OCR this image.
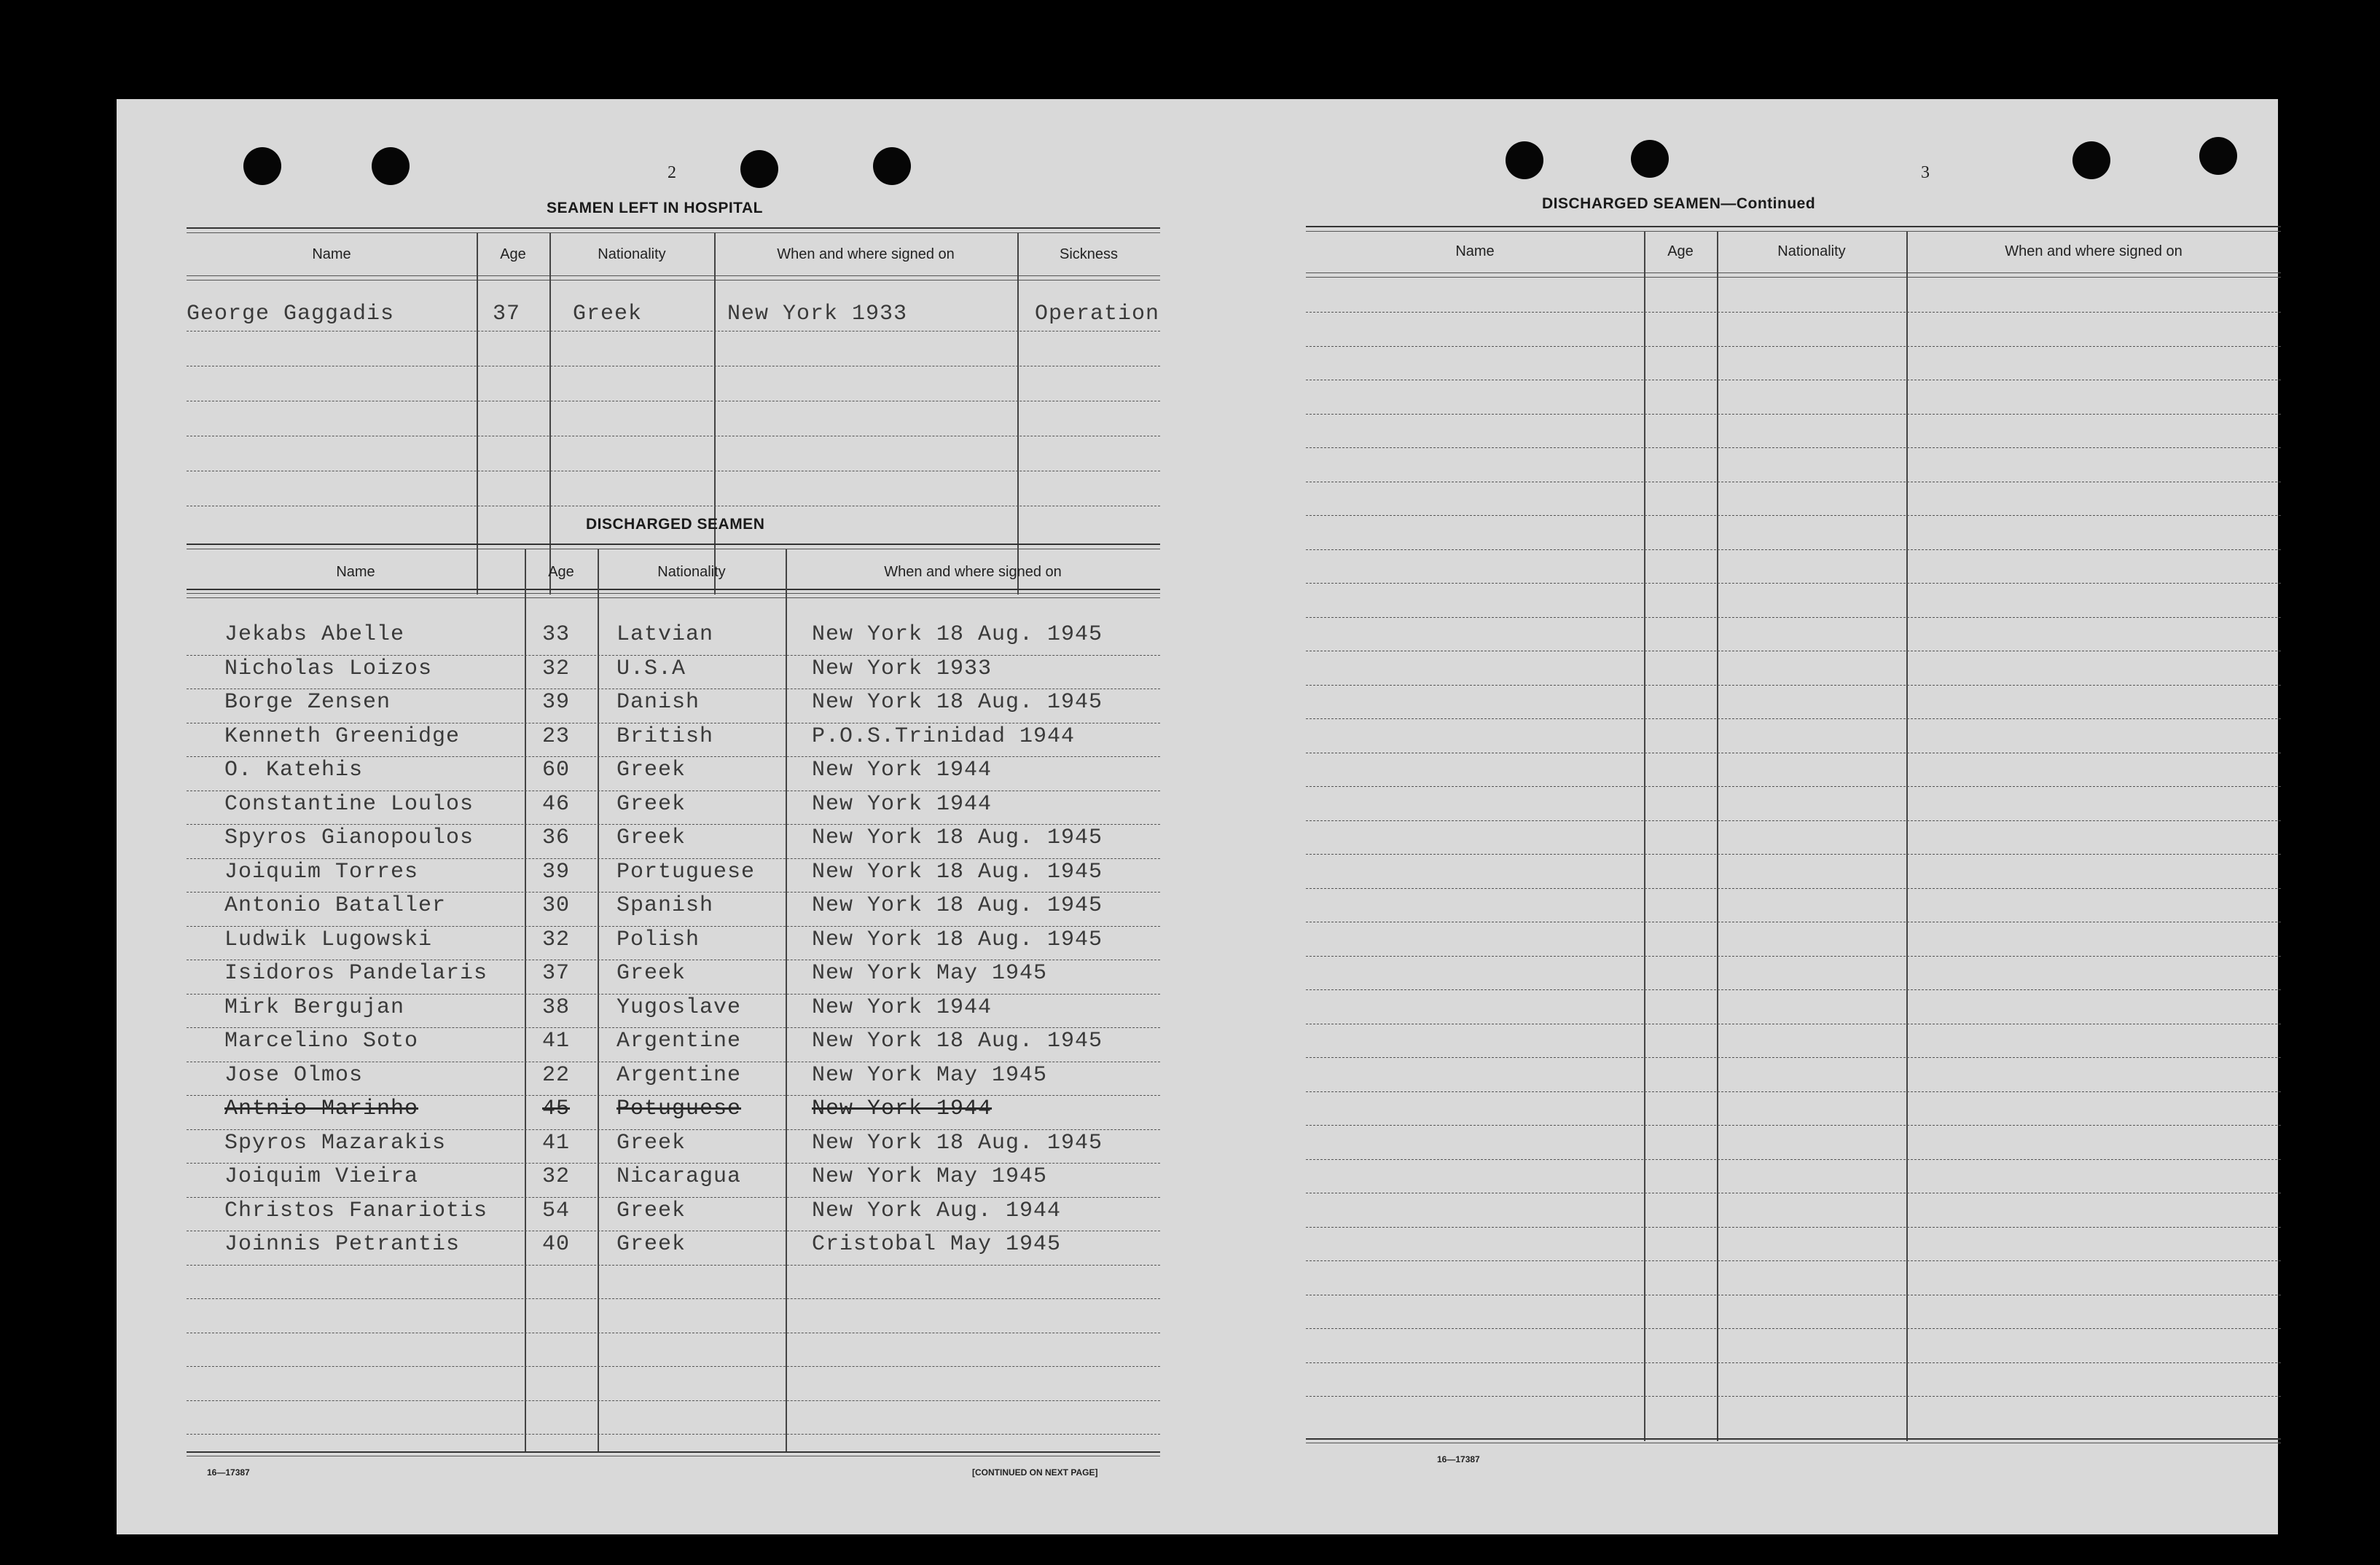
2
SEAMEN LEFT IN HOSPITAL
Name	Age	Nationality	When and where signed on	Sickness
George Gaggadis	37 Greek	New York 1933	Operation
DISCHARGED SEAMEN
Name	Age	Nationality	When and where signed on
Jekabs Abelle	33 Latvian	New York 18 Aug. 1945
Nicholas Loizos	32 U.S.A	New York 1933
Borge Zensen	39 Danish	New York 18 Aug. 1945
Kenneth Greenidge	23 British	P.O.S.Trinidad 1944
O. Katehis	60 Greek	New York 1944
Constantine Loulos	46 Greek	New York 1944
Spyros Gianopoulos	36 Greek	New York 18 Aug. 1945
Joiquim Torres	39 Portuguese	New York 18 Aug. 1945
Antonio Bataller	30 Spanish	New York 18 Aug. 1945
Ludwik Lugowski	32 Polish	New York 18 Aug. 1945
Isidoros Pandelaris 37 Greek	New York May 1945
Mirk Bergujan	38 Yugoslave	New York 1944
Marcelino Soto	41 Argentine	New York 18 Aug. 1945
Jose Olmos	22 Argentine	New York May 1945
Antnio Marinho	45 Potuguese	New York 1944
Spyros Mazarakis	41 Greek	New York 18 Aug. 1945
Joiquim Vieira	32 Nicaragua	New York May 1945
Christos Fanariotis 54 Greek	New York Aug. 1944
Joinnis Petrantis	40 Greek	Cristobal May 1945
16—17387	[CONTINUED ON NEXT PAGE]
3
DISCHARGED SEAMEN—Continued
Name	Age	Nationality	When and where signed on
16—17387
